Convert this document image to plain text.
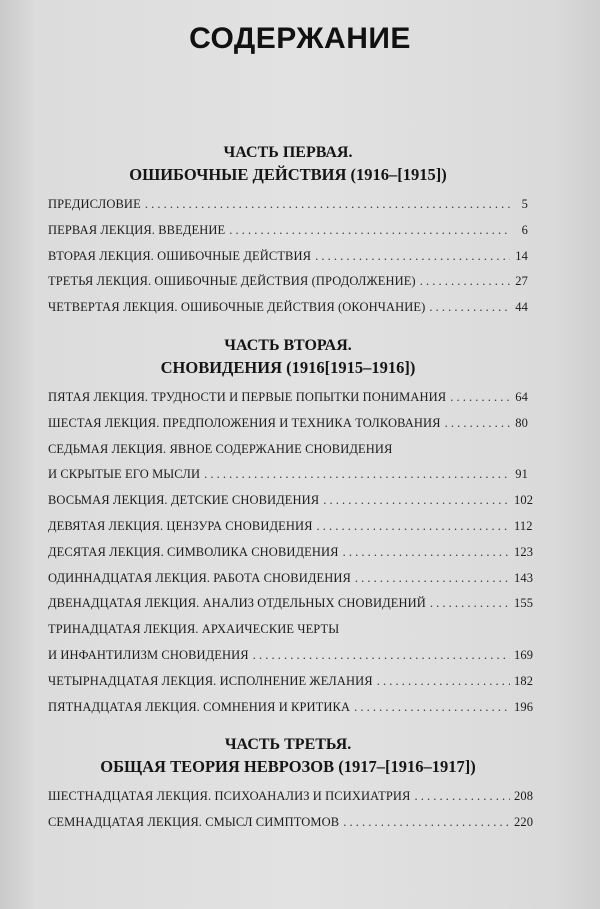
СОДЕРЖАНИЕ
ЧАСТЬ ПЕРВАЯ.
ОШИБОЧНЫЕ ДЕЙСТВИЯ (1916–[1915])
ПРЕДИСЛОВИЕ . . .	5
ПЕРВАЯ ЛЕКЦИЯ. ВВЕДЕНИЕ . . .	6
ВТОРАЯ ЛЕКЦИЯ. ОШИБОЧНЫЕ ДЕЙСТВИЯ . . .	14
ТРЕТЬЯ ЛЕКЦИЯ. ОШИБОЧНЫЕ ДЕЙСТВИЯ (ПРОДОЛЖЕНИЕ) . . .	27
ЧЕТВЕРТАЯ ЛЕКЦИЯ. ОШИБОЧНЫЕ ДЕЙСТВИЯ (ОКОНЧАНИЕ) . . .	44
ЧАСТЬ ВТОРАЯ.
СНОВИДЕНИЯ (1916[1915–1916])
ПЯТАЯ ЛЕКЦИЯ. ТРУДНОСТИ И ПЕРВЫЕ ПОПЫТКИ ПОНИМАНИЯ . . .	64
ШЕСТАЯ ЛЕКЦИЯ. ПРЕДПОЛОЖЕНИЯ И ТЕХНИКА ТОЛКОВАНИЯ . . .	80
СЕДЬМАЯ ЛЕКЦИЯ. ЯВНОЕ СОДЕРЖАНИЕ СНОВИДЕНИЯ
И СКРЫТЫЕ ЕГО МЫСЛИ . . .	91
ВОСЬМАЯ ЛЕКЦИЯ. ДЕТСКИЕ СНОВИДЕНИЯ . . .	102
ДЕВЯТАЯ ЛЕКЦИЯ. ЦЕНЗУРА СНОВИДЕНИЯ . . .	112
ДЕСЯТАЯ ЛЕКЦИЯ. СИМВОЛИКА СНОВИДЕНИЯ . . .	123
ОДИННАДЦАТАЯ ЛЕКЦИЯ. РАБОТА СНОВИДЕНИЯ . . .	143
ДВЕНАДЦАТАЯ ЛЕКЦИЯ. АНАЛИЗ ОТДЕЛЬНЫХ СНОВИДЕНИЙ . . .	155
ТРИНАДЦАТАЯ ЛЕКЦИЯ. АРХАИЧЕСКИЕ ЧЕРТЫ
И ИНФАНТИЛИЗМ СНОВИДЕНИЯ . . .	169
ЧЕТЫРНАДЦАТАЯ ЛЕКЦИЯ. ИСПОЛНЕНИЕ ЖЕЛАНИЯ . . .	182
ПЯТНАДЦАТАЯ ЛЕКЦИЯ. СОМНЕНИЯ И КРИТИКА . . .	196
ЧАСТЬ ТРЕТЬЯ.
ОБЩАЯ ТЕОРИЯ НЕВРОЗОВ (1917–[1916–1917])
ШЕСТНАДЦАТАЯ ЛЕКЦИЯ. ПСИХОАНАЛИЗ И ПСИХИАТРИЯ . . .	208
СЕМНАДЦАТАЯ ЛЕКЦИЯ. СМЫСЛ СИМПТОМОВ . . .	220
